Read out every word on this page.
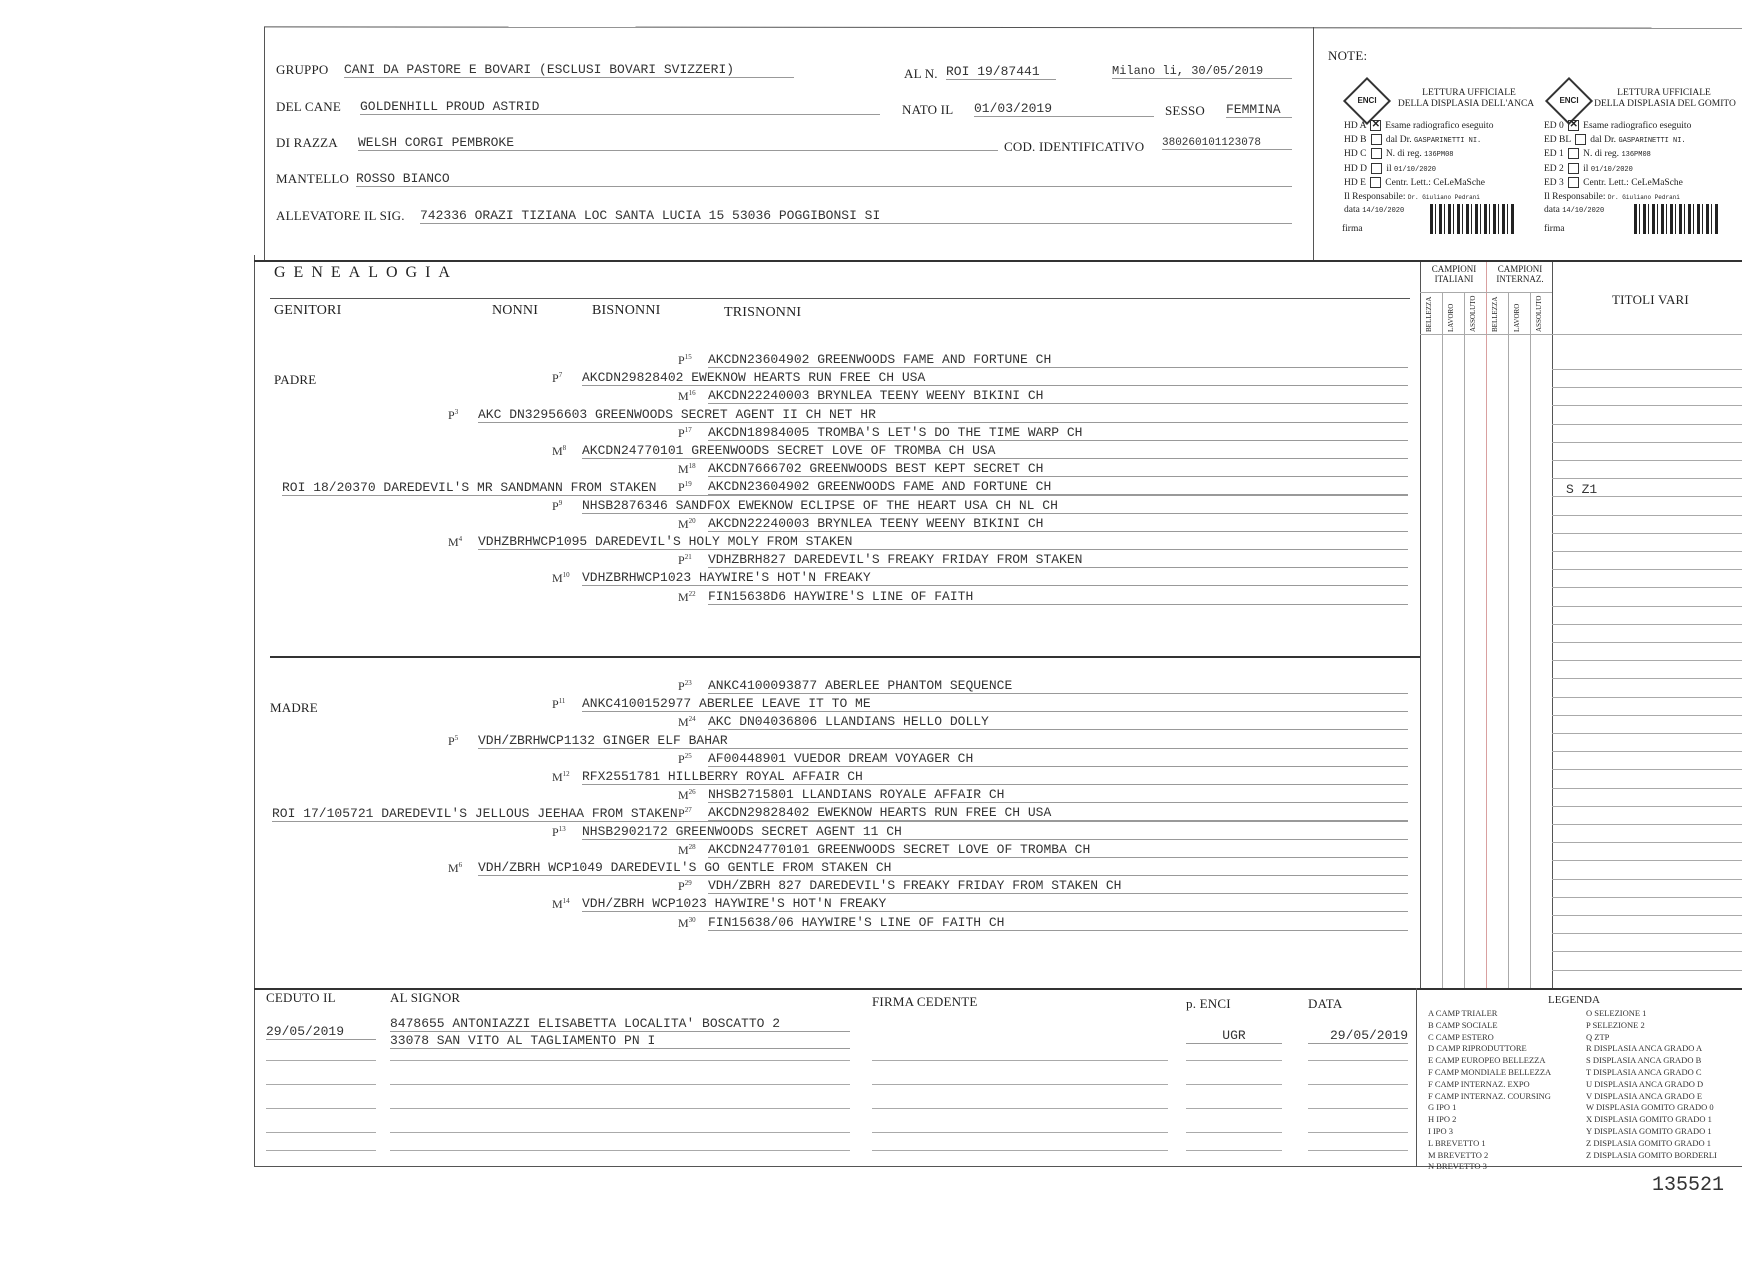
GRUPPO CANI DA PASTORE E BOVARI (ESCLUSI BOVARI SVIZZERI)	AL N. ROI 19/87441	Milano li, 30/05/2019
DEL CANE GOLDENHILL PROUD ASTRID	NATO IL 01/03/2019	SESSO FEMMINA
DI RAZZA WELSH CORGI PEMBROKE	COD. IDENTIFICATIVO 380260101123078
MANTELLO ROSSO BIANCO
ALLEVATORE IL SIG. 742336 ORAZI TIZIANA LOC SANTA LUCIA 15 53036 POGGIBONSI SI
NOTE:
ENCI
LETTURA UFFICIALE
DELLA DISPLASIA DELL'ANCA
HD A ✕ Esame radiografico eseguito
HD B dal Dr. GASPARINETTI NI.
HD C N. di reg. 136PM08
HD D il 01/10/2020
HD E Centr. Lett.: CeLeMaSche
Il Responsabile: Dr. Giuliano Pedrani
data 14/10/2020
firma
ENCI
LETTURA UFFICIALE
DELLA DISPLASIA DEL GOMITO
ED 0 ✕ Esame radiografico eseguito
ED BL dal Dr. GASPARINETTI NI.
ED 1 N. di reg. 136PM08
ED 2 il 01/10/2020
ED 3 Centr. Lett.: CeLeMaSche
Il Responsabile: Dr. Giuliano Pedrani
data 14/10/2020
firma
GENEALOGIA
GENITORI	NONNI	BISNONNI	TRISNONNI
CAMPIONI ITALIANI
CAMPIONI INTERNAZ.
BELLEZZA LAVORO ASSOLUTO BELLEZZA LAVORO ASSOLUTO	TITOLI VARI
PADRE
$P^{15}$ AKCDN23604902 GREENWOODS FAME AND FORTUNE CH
$P^7$ AKCDN29828402 EWEKNOW HEARTS RUN FREE CH USA
$M^{16}$ AKCDN22240003 BRYNLEA TEENY WEENY BIKINI CH
$P^3$ AKC DN32956603 GREENWOODS SECRET AGENT II CH NET HR
$P^{17}$ AKCDN18984005 TROMBA'S LET'S DO THE TIME WARP CH
$M^8$ AKCDN24770101 GREENWOODS SECRET LOVE OF TROMBA CH USA
$M^{18}$ AKCDN7666702 GREENWOODS BEST KEPT SECRET CH
$P^{19}$ AKCDN23604902 GREENWOODS FAME AND FORTUNE CH
$P^9$ NHSB2876346 SANDFOX EWEKNOW ECLIPSE OF THE HEART USA CH NL CH
$M^{20}$ AKCDN22240003 BRYNLEA TEENY WEENY BIKINI CH
$M^4$ VDHZBRHWCP1095 DAREDEVIL'S HOLY MOLY FROM STAKEN
$P^{21}$ VDHZBRH827 DAREDEVIL'S FREAKY FRIDAY FROM STAKEN
$M^{10}$ VDHZBRHWCP1023 HAYWIRE'S HOT'N FREAKY
$M^{22}$ FIN15638D6 HAYWIRE'S LINE OF FAITH
ROI 18/20370 DAREDEVIL'S MR SANDMANN FROM STAKEN	S Z1
MADRE
$P^{23}$ ANKC4100093877 ABERLEE PHANTOM SEQUENCE
$P^{11}$ ANKC4100152977 ABERLEE LEAVE IT TO ME
$M^{24}$ AKC DN04036806 LLANDIANS HELLO DOLLY
$P^5$ VDH/ZBRHWCP1132 GINGER ELF BAHAR
$P^{25}$ AF00448901 VUEDOR DREAM VOYAGER CH
$M^{12}$ RFX2551781 HILLBERRY ROYAL AFFAIR CH
$M^{26}$ NHSB2715801 LLANDIANS ROYALE AFFAIR CH
$P^{27}$ AKCDN29828402 EWEKNOW HEARTS RUN FREE CH USA
$P^{13}$ NHSB2902172 GREENWOODS SECRET AGENT 11 CH
$M^{28}$ AKCDN24770101 GREENWOODS SECRET LOVE OF TROMBA CH
$M^6$ VDH/ZBRH WCP1049 DAREDEVIL'S GO GENTLE FROM STAKEN CH
$P^{29}$ VDH/ZBRH 827 DAREDEVIL'S FREAKY FRIDAY FROM STAKEN CH
$M^{14}$ VDH/ZBRH WCP1023 HAYWIRE'S HOT'N FREAKY
$M^{30}$ FIN15638/06 HAYWIRE'S LINE OF FAITH CH
ROI 17/105721 DAREDEVIL'S JELLOUS JEEHAA FROM STAKEN
CEDUTO IL
29/05/2019
AL SIGNOR
8478655 ANTONIAZZI ELISABETTA LOCALITA' BOSCATTO 2
33078 SAN VITO AL TAGLIAMENTO PN I
FIRMA CEDENTE	p. ENCI
UGR
DATA
29/05/2019
LEGENDA
A CAMP TRIALER
B CAMP SOCIALE
C CAMP ESTERO
D CAMP RIPRODUTTORE
E CAMP EUROPEO BELLEZZA
F CAMP MONDIALE BELLEZZA
F CAMP INTERNAZ. EXPO
F CAMP INTERNAZ. COURSING
G IPO 1
H IPO 2
I IPO 3
L BREVETTO 1
M BREVETTO 2
N BREVETTO 3
O SELEZIONE 1
P SELEZIONE 2
Q ZTP
R DISPLASIA ANCA GRADO A
S DISPLASIA ANCA GRADO B
T DISPLASIA ANCA GRADO C
U DISPLASIA ANCA GRADO D
V DISPLASIA ANCA GRADO E
W DISPLASIA GOMITO GRADO 0
X DISPLASIA GOMITO GRADO 1
Y DISPLASIA GOMITO GRADO 1
Z DISPLASIA GOMITO GRADO 1
Z DISPLASIA GOMITO BORDERLI
135521
